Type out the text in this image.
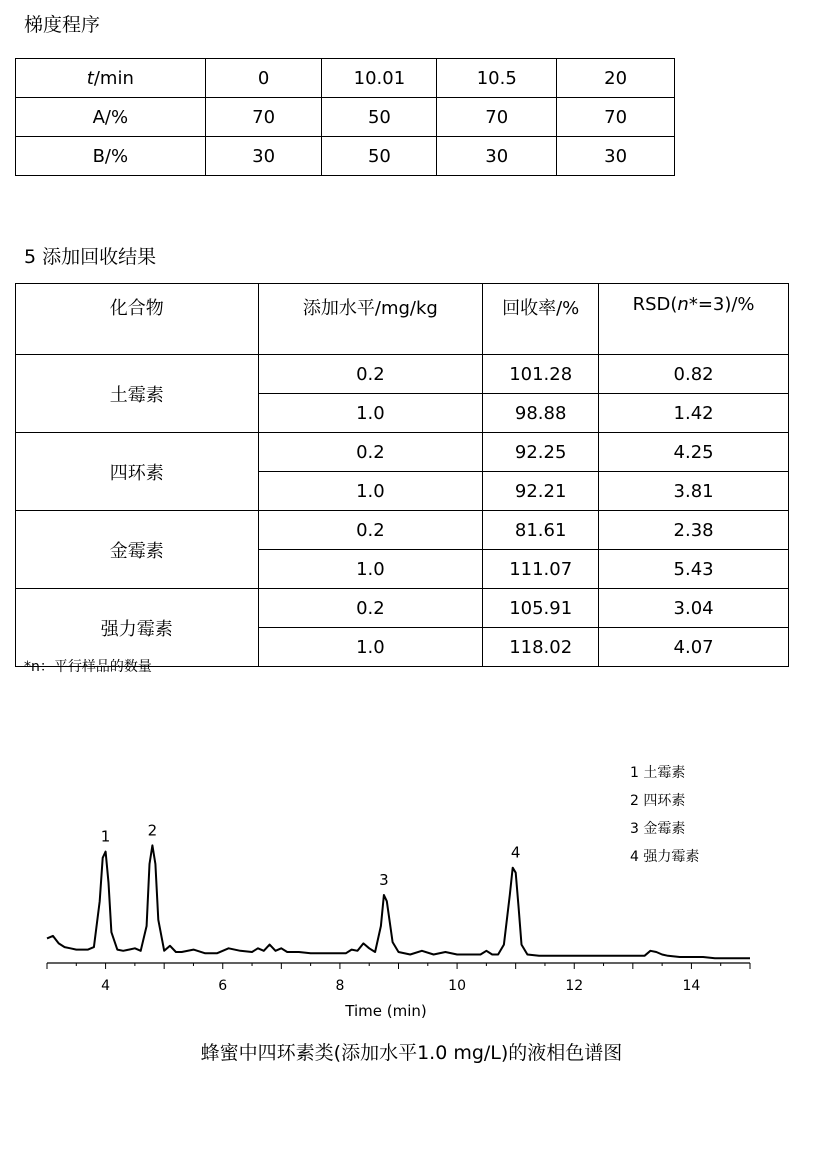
梯度程序
t/min	0	10.01	10.5	20
A/%	70	50	70	70
B/%	30	50	30	30
5 添加回收结果
化合物	添加水平/mg/kg	回收率/%	RSD(n*=3)/%
土霉素	0.2	101.28	0.82
	1.0	98.88	1.42
四环素	0.2	92.25	4.25
	1.0	92.21	3.81
金霉素	0.2	81.61	2.38
	1.0	111.07	5.43
强力霉素	0.2	105.91	3.04
	1.0	118.02	4.07
*n：平行样品的数量
1 土霉素
2 四环素
3 金霉素
4 强力霉素
4	6	8	10	12	14
1 2
3
4
Time (min)
蜂蜜中四环素类(添加水平1.0 mg/L)的液相色谱图
